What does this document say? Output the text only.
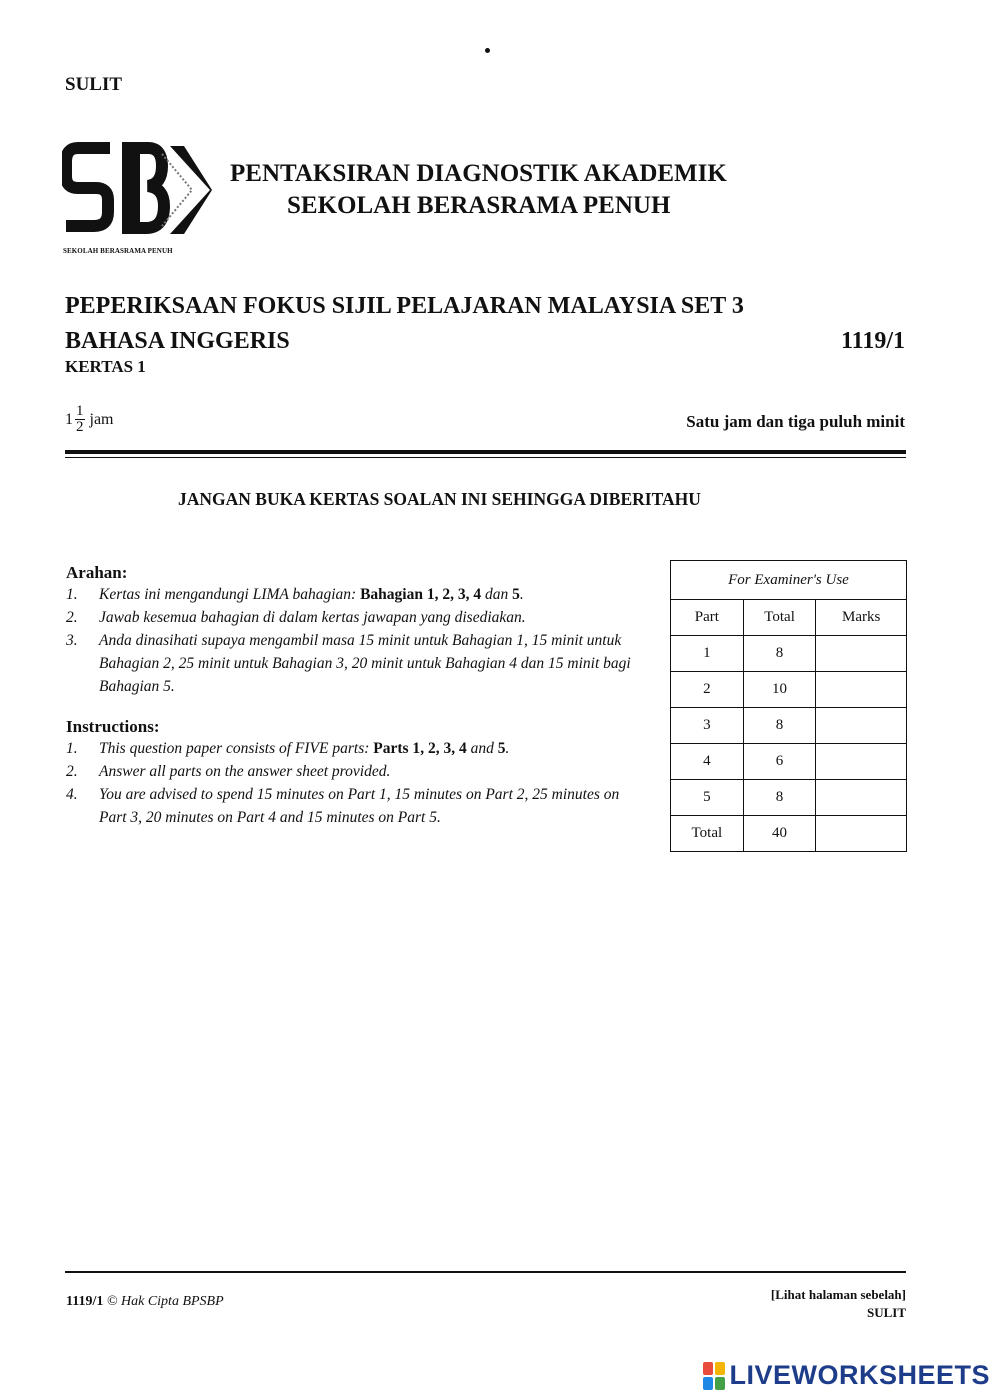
SULIT
SEKOLAH BERASRAMA PENUH
PENTAKSIRAN DIAGNOSTIK AKADEMIK
SEKOLAH BERASRAMA PENUH
PEPERIKSAAN FOKUS SIJIL PELAJARAN MALAYSIA SET 3
BAHASA INGGERIS	1119/1
KERTAS 1
$1 \frac{1}{2}$ jam	Satu jam dan tiga puluh minit
JANGAN BUKA KERTAS SOALAN INI SEHINGGA DIBERITAHU
Arahan:
1.	Kertas ini mengandungi LIMA bahagian: Bahagian 1, 2, 3, 4 dan 5.
2.	Jawab kesemua bahagian di dalam kertas jawapan yang disediakan.
3.	Anda dinasihati supaya mengambil masa 15 minit untuk Bahagian 1, 15 minit untuk Bahagian 2, 25 minit untuk Bahagian 3, 20 minit untuk Bahagian 4 dan 15 minit bagi Bahagian 5.
Instructions:
1.	This question paper consists of FIVE parts: Parts 1, 2, 3, 4 and 5.
2.	Answer all parts on the answer sheet provided.
4.	You are advised to spend 15 minutes on Part 1, 15 minutes on Part 2, 25 minutes on Part 3, 20 minutes on Part 4 and 15 minutes on Part 5.
For Examiner's Use		
Part	Total	Marks
1	8	
2	10	
3	8	
4	6	
5	8	
Total	40	
1119/1 © Hak Cipta BPSBP	[Lihat halaman sebelah]
SULIT
LIVEWORKSHEETS
